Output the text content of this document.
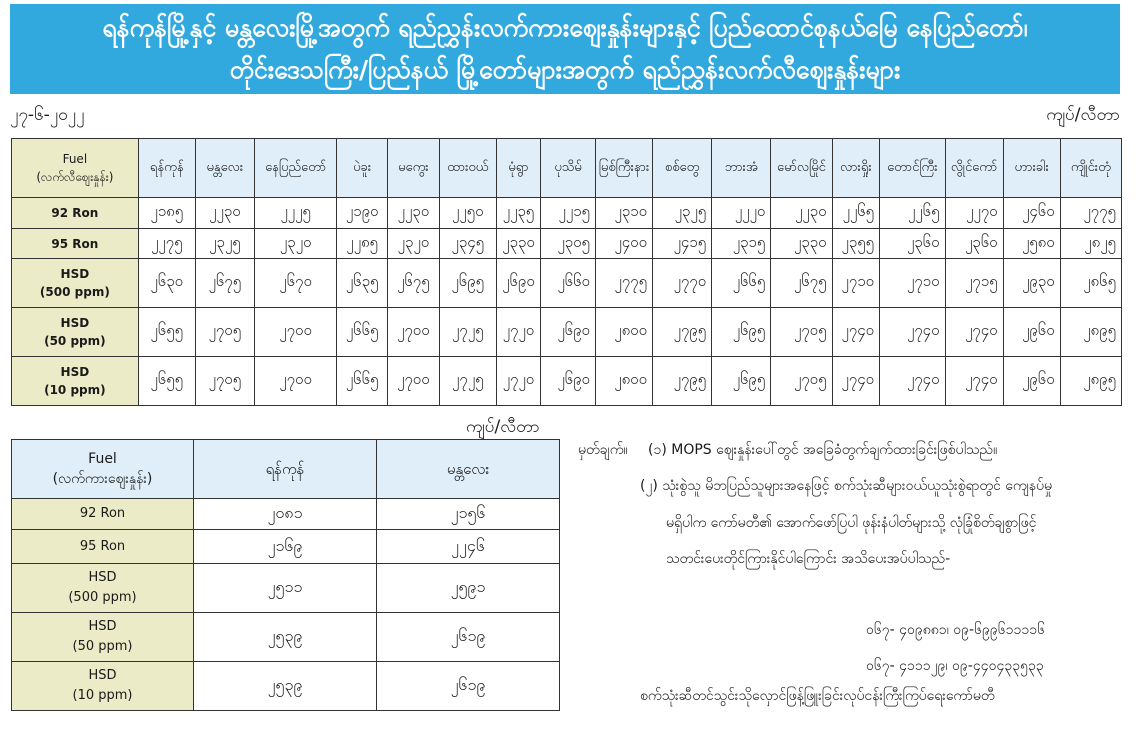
ရန်ကုန်မြို့နှင့် မန္တလေးမြို့အတွက် ရည်ညွှန်းလက်ကားဈေးနှုန်းများနှင့် ပြည်ထောင်စုနယ်မြေ နေပြည်တော်၊
တိုင်းဒေသကြီး/ပြည်နယ် မြို့တော်များအတွက် ရည်ညွှန်းလက်လီဈေးနှုန်းများ
၂၇-၆-၂၀၂၂	ကျပ်/လီတာ
Fuel
(လက်လီဈေးနှုန်း)	ရန်ကုန်	မန္တလေး	နေပြည်တော်	ပဲခူး	မကွေး	ထားဝယ်	မုံရွာ	ပုသိမ်	မြစ်ကြီးနား	စစ်တွေ	ဘားအံ	မော်လမြိုင်	လားရှိုး	တောင်ကြီး	လွိုင်ကော်	ဟားခါး	ကျိုင်းတုံ
92 Ron	၂၁၈၅	၂၂၃၀	၂၂၂၅	၂၁၉၀	၂၂၃၀	၂၂၅၀	၂၂၃၅	၂၂၁၅	၂၃၁၀	၂၃၂၅	၂၂၂၀	၂၂၃၀	၂၂၆၅	၂၂၆၅	၂၂၇၀	၂၄၆၀	၂၇၇၅
95 Ron	၂၂၇၅	၂၃၂၅	၂၃၂၀	၂၂၈၅	၂၃၂၀	၂၃၄၅	၂၃၃၀	၂၃၀၅	၂၄၀၀	၂၄၁၅	၂၃၁၅	၂၃၃၀	၂၃၅၅	၂၃၆၀	၂၃၆၀	၂၅၈၀	၂၈၂၅
HSD
(500 ppm)	၂၆၃၀	၂၆၇၅	၂၆၇၀	၂၆၃၅	၂၆၇၅	၂၆၉၅	၂၆၉၀	၂၆၆၀	၂၇၇၅	၂၇၇၀	၂၆၆၅	၂၆၇၅	၂၇၁၀	၂၇၁၀	၂၇၁၅	၂၉၃၀	၂၈၆၅
HSD
(50 ppm)	၂၆၅၅	၂၇၀၅	၂၇၀၀	၂၆၆၅	၂၇၀၀	၂၇၂၅	၂၇၂၀	၂၆၉၀	၂၈၀၀	၂၇၉၅	၂၆၉၅	၂၇၀၅	၂၇၄၀	၂၇၄၀	၂၇၄၀	၂၉၆၀	၂၈၉၅
HSD
(10 ppm)	၂၆၅၅	၂၇၀၅	၂၇၀၀	၂၆၆၅	၂၇၀၀	၂၇၂၅	၂၇၂၀	၂၆၉၀	၂၈၀၀	၂၇၉၅	၂၆၉၅	၂၇၀၅	၂၇၄၀	၂၇၄၀	၂၇၄၀	၂၉၆၀	၂၈၉၅
ကျပ်/လီတာ
Fuel
(လက်ကားဈေးနှုန်း)	ရန်ကုန်	မန္တလေး
92 Ron	၂၀၈၁	၂၁၅၆
95 Ron	၂၁၆၉	၂၂၄၆
HSD
(500 ppm)	၂၅၁၁	၂၅၉၁
HSD
(50 ppm)	၂၅၃၉	၂၆၁၉
HSD
(10 ppm)	၂၅၃၉	၂၆၁၉
မှတ်ချက်။ (၁) MOPS ဈေးနှုန်းပေါ်တွင် အခြေခံတွက်ချက်ထားခြင်းဖြစ်ပါသည်။
(၂) သုံးစွဲသူ မိဘပြည်သူများအနေဖြင့် စက်သုံးဆီများဝယ်ယူသုံးစွဲရာတွင် ကျေနပ်မှု
မရှိပါက ကော်မတီ၏ အောက်ဖော်ပြပါ ဖုန်းနံပါတ်များသို့ လုံခြုံစိတ်ချစွာဖြင့်
သတင်းပေးတိုင်ကြားနိုင်ပါကြောင်း အသိပေးအပ်ပါသည်-
၀၆၇- ၄၀၉၈၈၁၊ ၀၉-၆၉၉၆၁၁၁၁၆
၀၆၇- ၄၁၁၁၂၉၊ ၀၉-၄၄၀၄၃၃၅၃၃
စက်သုံးဆီတင်သွင်းသိုလှောင်ဖြန့်ဖြူးခြင်းလုပ်ငန်းကြီးကြပ်ရေးကော်မတီ
